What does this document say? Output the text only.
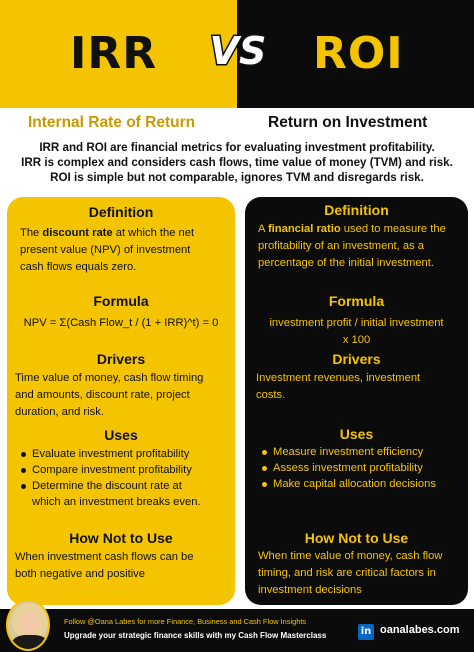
IRR	ROI
VS
Internal Rate of Return	Return on Investment
IRR and ROI are financial metrics for evaluating investment profitability.
IRR is complex and considers cash flows, time value of money (TVM) and risk.
ROI is simple but not comparable, ignores TVM and disregards risk.
Definition
The discount rate at which the net
present value (NPV) of investment
cash flows equals zero.
Formula
NPV = Σ(Cash Flow_t / (1 + IRR)^t) = 0
Drivers
Time value of money, cash flow timing
and amounts, discount rate, project
duration, and risk.
Uses
Evaluate investment profitability
Compare investment profitability
Determine the discount rate at
which an investment breaks even.
How Not to Use
When investment cash flows can be
both negative and positive
Definition
A financial ratio used to measure the
profitability of an investment, as a
percentage of the initial investment.
Formula
investment profit / initial investment
x 100
Drivers
Investment revenues, investment
costs.
Uses
Measure investment efficiency
Assess investment profitability
Make capital allocation decisions
How Not to Use
When time value of money, cash flow
timing, and risk are critical factors in
investment decisions
Follow @Oana Labes for more Finance, Business and Cash Flow Insights
Upgrade your strategic finance skills with my Cash Flow Masterclass	in oanalabes.com
